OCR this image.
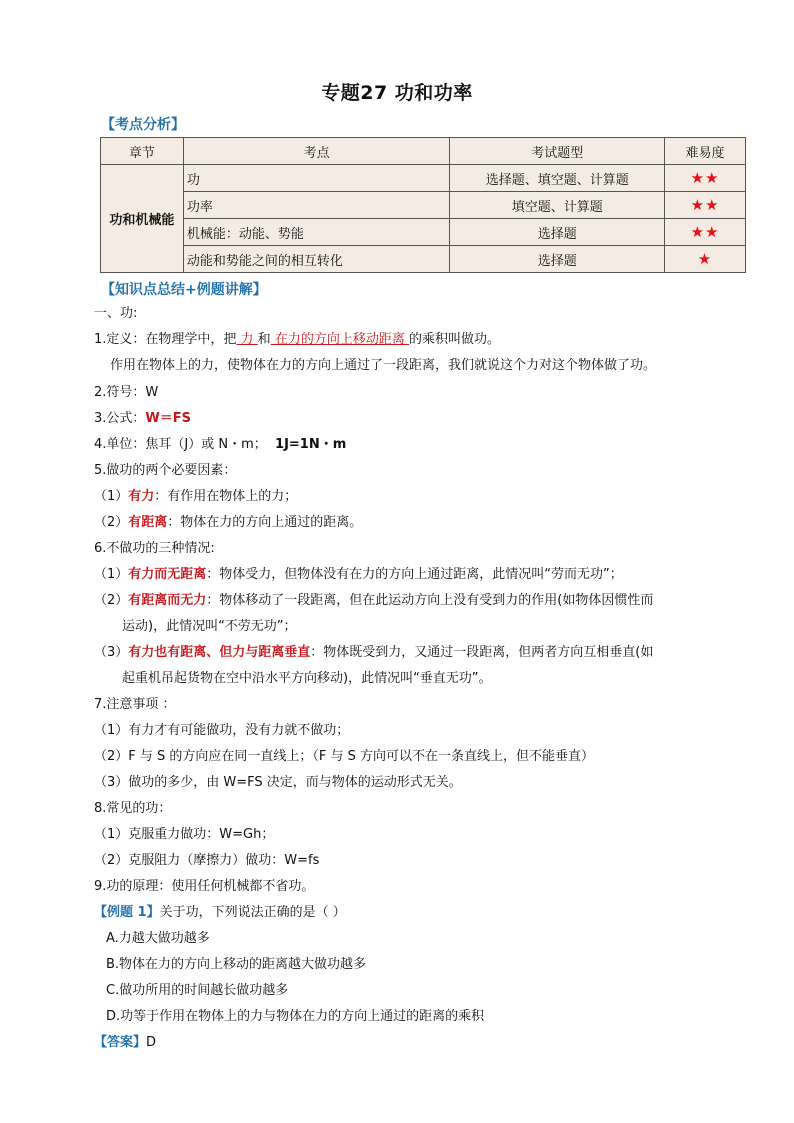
专题27 功和功率
【考点分析】
章节	考点	考试题型	难易度
功和机械能	功	选择题、填空题、计算题	★★
	功率	填空题、计算题	★★
	机械能：动能、势能	选择题	★★
	动能和势能之间的相互转化	选择题	★
【知识点总结+例题讲解】
一、功:
1.定义：在物理学中，把 力 和 在力的方向上移动距离 的乘积叫做功。
作用在物体上的力，使物体在力的方向上通过了一段距离，我们就说这个力对这个物体做了功。
2.符号：W
3.公式：W＝FS
4.单位：焦耳（J）或 N・m； 1J=1N・m
5.做功的两个必要因素：
（1）有力：有作用在物体上的力；
（2）有距离：物体在力的方向上通过的距离。
6.不做功的三种情况:
（1）有力而无距离：物体受力，但物体没有在力的方向上通过距离，此情况叫“劳而无功”；
（2）有距离而无力：物体移动了一段距离，但在此运动方向上没有受到力的作用(如物体因惯性而
运动)，此情况叫“不劳无功”；
（3）有力也有距离、但力与距离垂直：物体既受到力，又通过一段距离，但两者方向互相垂直(如
起重机吊起货物在空中沿水平方向移动)，此情况叫“垂直无功”。
7.注意事项 ：
（1）有力才有可能做功，没有力就不做功；
（2）F 与 S 的方向应在同一直线上；（F 与 S 方向可以不在一条直线上，但不能垂直）
（3）做功的多少，由 W=FS 决定，而与物体的运动形式无关。
8.常见的功：
（1）克服重力做功：W=Gh；
（2）克服阻力（摩擦力）做功：W=fs
9.功的原理：使用任何机械都不省功。
【例题 1】关于功，下列说法正确的是（ ）
A.力越大做功越多
B.物体在力的方向上移动的距离越大做功越多
C.做功所用的时间越长做功越多
D.功等于作用在物体上的力与物体在力的方向上通过的距离的乘积
【答案】D
